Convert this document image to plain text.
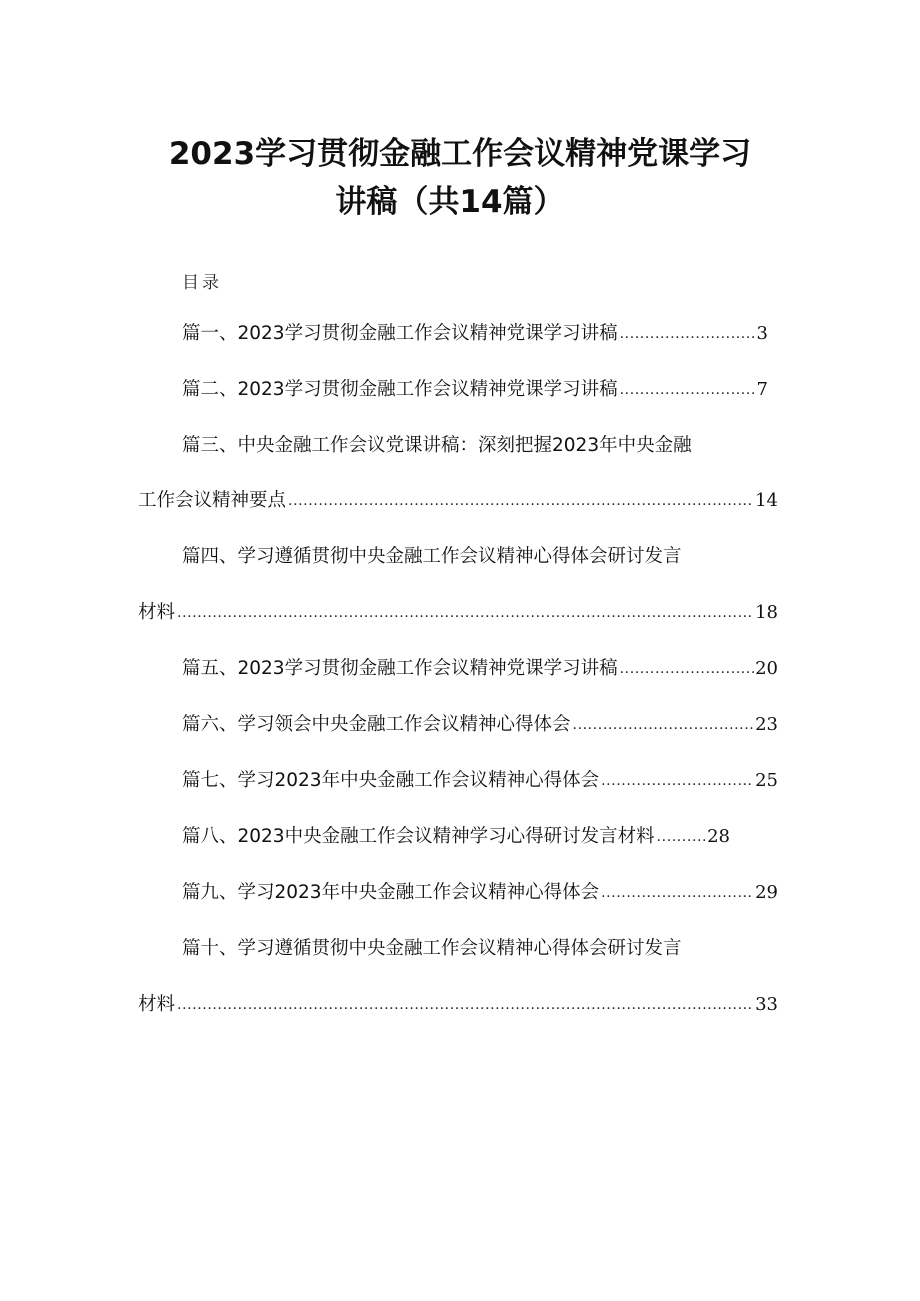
2023学习贯彻金融工作会议精神党课学习
讲稿（共14篇）
目录
篇一、2023学习贯彻金融工作会议精神党课学习讲稿 .....	3
篇二、2023学习贯彻金融工作会议精神党课学习讲稿 .....	7
篇三、中央金融工作会议党课讲稿：深刻把握2023年中央金融
工作会议精神要点 .....	14
篇四、学习遵循贯彻中央金融工作会议精神心得体会研讨发言
材料 .....	18
篇五、2023学习贯彻金融工作会议精神党课学习讲稿 .....	20
篇六、学习领会中央金融工作会议精神心得体会 .....	23
篇七、学习2023年中央金融工作会议精神心得体会 .....	25
篇八、2023中央金融工作会议精神学习心得研讨发言材料 .....	28
篇九、学习2023年中央金融工作会议精神心得体会 .....	29
篇十、学习遵循贯彻中央金融工作会议精神心得体会研讨发言
材料 .....	33
